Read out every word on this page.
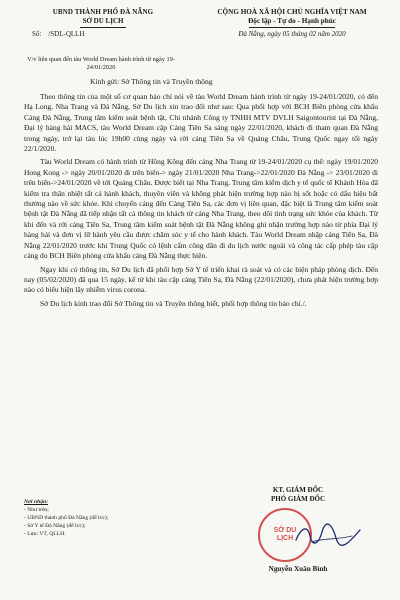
UBND THÀNH PHỐ ĐÀ NẴNG
SỞ DU LỊCH
Số: /SDL-QLLH
CỘNG HOÀ XÃ HỘI CHỦ NGHĨA VIỆT NAM
Độc lập - Tự do - Hạnh phúc
Đà Nẵng, ngày 05 tháng 02 năm 2020
V/v liên quan đến tàu World Dream hành trình từ ngày 19-24/01/2020
Kính gửi: Sở Thông tin và Truyền thông

Theo thông tin của một số cơ quan báo chí nói về tàu World Dream hành trình từ ngày 19-24/01/2020, có đến Hạ Long, Nha Trang và Đà Nẵng, Sở Du lịch xin trao đổi như sau: Qua phối hợp với BCH Biên phòng cửa khẩu Cảng Đà Nẵng, Trung tâm kiểm soát bệnh tật, Chi nhánh Công ty TNHH MTV DVLH Saigontourist tại Đà Nẵng, Đại lý hàng hải MACS, tàu World Dream cập Cảng Tiên Sa sáng ngày 22/01/2020, khách đi tham quan Đà Nẵng trong ngày, trở lại tàu lúc 19h00 cùng ngày và rời cảng Tiên Sa về Quảng Châu, Trung Quốc ngay tối ngày 22/1/2020.

Tàu World Dream có hành trình từ Hồng Kông đến cảng Nha Trang từ 19-24/01/2020 cụ thể: ngày 19/01/2020 Hong Kong -> ngày 20/01/2020 đi trên biển-> ngày 21/01/2020 Nha Trang->22/01/2020 Đà Nẵng -> 23/01/2020 đi trên biển->24/01/2020 về tới Quảng Châu. Được biết tại Nha Trang, Trung tâm kiểm dịch y tế quốc tế Khánh Hòa đã kiểm tra thân nhiệt tất cả hành khách, thuyền viên và không phát hiện trường hợp nào bị sốt hoặc có dấu hiệu bất thường nào về sức khỏe. Khi chuyến cảng đến Cảng Tiên Sa, các đơn vị liên quan, đặc biệt là Trung tâm kiểm soát bệnh tật Đà Nẵng đã tiếp nhận tất cả thông tin khách từ cảng Nha Trang, theo dõi tình trạng sức khỏe của khách. Từ khi đến và rời cảng Tiên Sa, Trung tâm kiểm soát bệnh tật Đà Nẵng không ghi nhận trường hợp nào từ phía Đại lý hàng hải và đơn vị lữ hành yêu cầu được chăm sóc y tế cho hành khách. Tàu World Dream nhập cảng Tiên Sa, Đà Nẵng 22/01/2020 trước khi Trung Quốc có lệnh cấm công dân đi du lịch nước ngoài và công tác cấp phép tàu cập cảng do BCH Biên phòng cửa khẩu cảng Đà Nẵng thực hiện.

Ngay khi có thông tin, Sở Du lịch đã phối hợp Sở Y tế triển khai rà soát và có các biện pháp phòng dịch. Đến nay (05/02/2020) đã qua 15 ngày, kể từ khi tàu cập cảng Tiên Sa, Đà Nẵng (22/01/2020), chưa phát hiện trường hợp nào có biểu hiện lây nhiễm virus corona.

Sở Du lịch kính trao đổi Sở Thông tin và Truyền thông biết, phối hợp thông tin báo chí./.

Nơi nhận:
- Như trên;
- UBND thành phố Đà Nẵng (để b/c);
- Sở Y tế Đà Nẵng (để b/c);
- Lưu: VT, QLLH.
KT. GIÁM ĐỐC
PHÓ GIÁM ĐỐC
SỞ DU LỊCH
Nguyễn Xuân Bình
